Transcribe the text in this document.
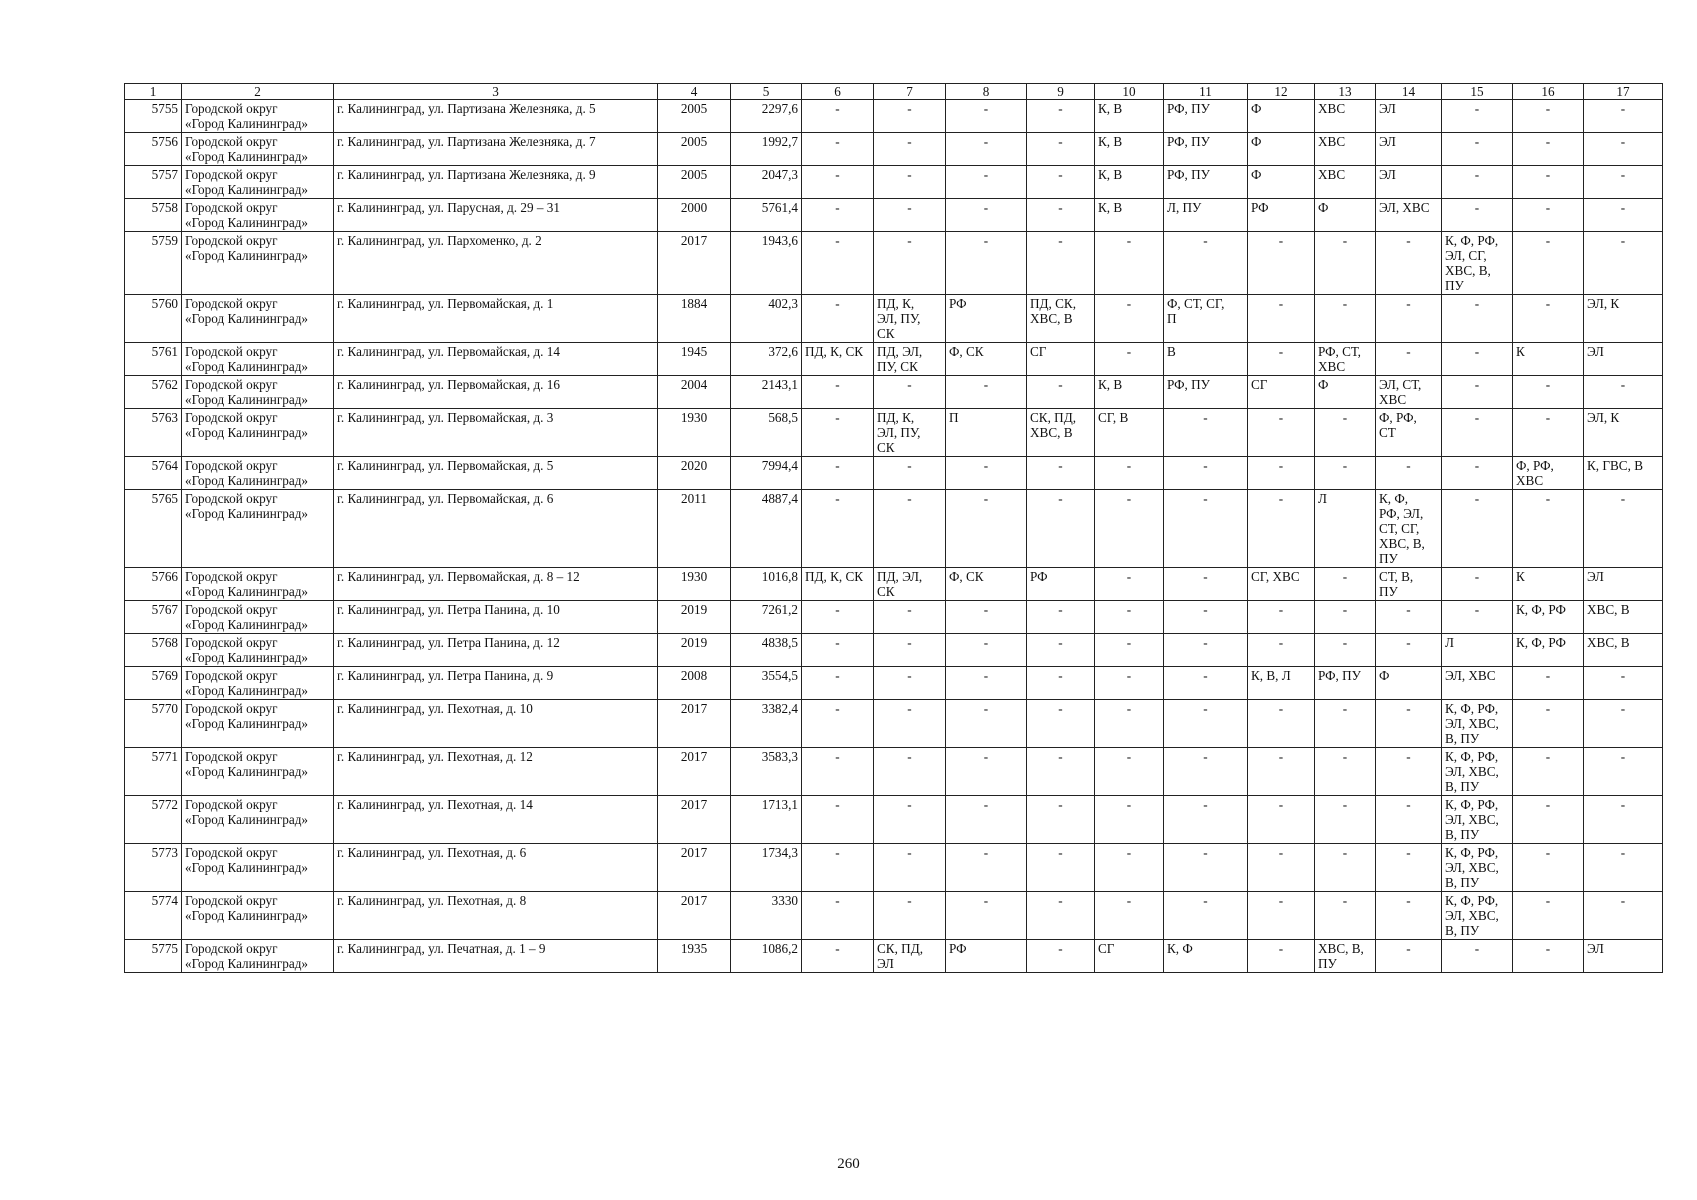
1	2	3	4	5	6	7	8	9	10	11	12	13	14	15	16	17
5755	Городской округ
«Город Калининград»	г. Калининград, ул. Партизана Железняка, д. 5	2005	2297,6	-	-	-	-	К, В	РФ, ПУ	Ф	ХВС	ЭЛ	-	-	-
5756	Городской округ
«Город Калининград»	г. Калининград, ул. Партизана Железняка, д. 7	2005	1992,7	-	-	-	-	К, В	РФ, ПУ	Ф	ХВС	ЭЛ	-	-	-
5757	Городской округ
«Город Калининград»	г. Калининград, ул. Партизана Железняка, д. 9	2005	2047,3	-	-	-	-	К, В	РФ, ПУ	Ф	ХВС	ЭЛ	-	-	-
5758	Городской округ
«Город Калининград»	г. Калининград, ул. Парусная, д. 29 – 31	2000	5761,4	-	-	-	-	К, В	Л, ПУ	РФ	Ф	ЭЛ, ХВС	-	-	-
5759	Городской округ
«Город Калининград»	г. Калининград, ул. Пархоменко, д. 2	2017	1943,6	-	-	-	-	-	-	-	-	-	К, Ф, РФ,
ЭЛ, СГ,
ХВС, В,
ПУ	-	-
5760	Городской округ
«Город Калининград»	г. Калининград, ул. Первомайская, д. 1	1884	402,3	-	ПД, К,
ЭЛ, ПУ,
СК	РФ	ПД, СК,
ХВС, В	-	Ф, СТ, СГ,
П	-	-	-	-	-	ЭЛ, К
5761	Городской округ
«Город Калининград»	г. Калининград, ул. Первомайская, д. 14	1945	372,6	ПД, К, СК	ПД, ЭЛ,
ПУ, СК	Ф, СК	СГ	-	В	-	РФ, СТ,
ХВС	-	-	К	ЭЛ
5762	Городской округ
«Город Калининград»	г. Калининград, ул. Первомайская, д. 16	2004	2143,1	-	-	-	-	К, В	РФ, ПУ	СГ	Ф	ЭЛ, СТ,
ХВС	-	-	-
5763	Городской округ
«Город Калининград»	г. Калининград, ул. Первомайская, д. 3	1930	568,5	-	ПД, К,
ЭЛ, ПУ,
СК	П	СК, ПД,
ХВС, В	СГ, В	-	-	-	Ф, РФ,
СТ	-	-	ЭЛ, К
5764	Городской округ
«Город Калининград»	г. Калининград, ул. Первомайская, д. 5	2020	7994,4	-	-	-	-	-	-	-	-	-	-	Ф, РФ,
ХВС	К, ГВС, В
5765	Городской округ
«Город Калининград»	г. Калининград, ул. Первомайская, д. 6	2011	4887,4	-	-	-	-	-	-	-	Л	К, Ф,
РФ, ЭЛ,
СТ, СГ,
ХВС, В,
ПУ	-	-	-
5766	Городской округ
«Город Калининград»	г. Калининград, ул. Первомайская, д. 8 – 12	1930	1016,8	ПД, К, СК	ПД, ЭЛ,
СК	Ф, СК	РФ	-	-	СГ, ХВС	-	СТ, В,
ПУ	-	К	ЭЛ
5767	Городской округ
«Город Калининград»	г. Калининград, ул. Петра Панина, д. 10	2019	7261,2	-	-	-	-	-	-	-	-	-	-	К, Ф, РФ	ХВС, В
5768	Городской округ
«Город Калининград»	г. Калининград, ул. Петра Панина, д. 12	2019	4838,5	-	-	-	-	-	-	-	-	-	Л	К, Ф, РФ	ХВС, В
5769	Городской округ
«Город Калининград»	г. Калининград, ул. Петра Панина, д. 9	2008	3554,5	-	-	-	-	-	-	К, В, Л	РФ, ПУ	Ф	ЭЛ, ХВС	-	-
5770	Городской округ
«Город Калининград»	г. Калининград, ул. Пехотная, д. 10	2017	3382,4	-	-	-	-	-	-	-	-	-	К, Ф, РФ,
ЭЛ, ХВС,
В, ПУ	-	-
5771	Городской округ
«Город Калининград»	г. Калининград, ул. Пехотная, д. 12	2017	3583,3	-	-	-	-	-	-	-	-	-	К, Ф, РФ,
ЭЛ, ХВС,
В, ПУ	-	-
5772	Городской округ
«Город Калининград»	г. Калининград, ул. Пехотная, д. 14	2017	1713,1	-	-	-	-	-	-	-	-	-	К, Ф, РФ,
ЭЛ, ХВС,
В, ПУ	-	-
5773	Городской округ
«Город Калининград»	г. Калининград, ул. Пехотная, д. 6	2017	1734,3	-	-	-	-	-	-	-	-	-	К, Ф, РФ,
ЭЛ, ХВС,
В, ПУ	-	-
5774	Городской округ
«Город Калининград»	г. Калининград, ул. Пехотная, д. 8	2017	3330	-	-	-	-	-	-	-	-	-	К, Ф, РФ,
ЭЛ, ХВС,
В, ПУ	-	-
5775	Городской округ
«Город Калининград»	г. Калининград, ул. Печатная, д. 1 – 9	1935	1086,2	-	СК, ПД,
ЭЛ	РФ	-	СГ	К, Ф	-	ХВС, В,
ПУ	-	-	-	ЭЛ
260
